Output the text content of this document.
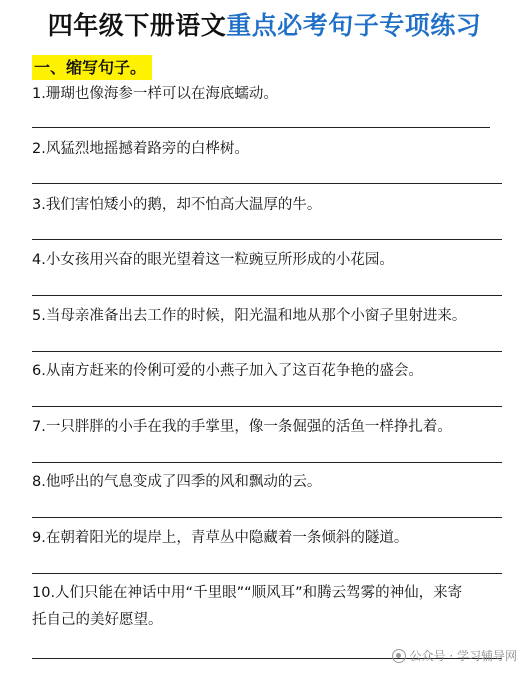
四年级下册语文重点必考句子专项练习
一、缩写句子。
1.珊瑚也像海参一样可以在海底蠕动。
2.风猛烈地摇撼着路旁的白桦树。
3.我们害怕矮小的鹅，却不怕高大温厚的牛。
4.小女孩用兴奋的眼光望着这一粒豌豆所形成的小花园。
5.当母亲准备出去工作的时候，阳光温和地从那个小窗子里射进来。
6.从南方赶来的伶俐可爱的小燕子加入了这百花争艳的盛会。
7.一只胖胖的小手在我的手掌里，像一条倔强的活鱼一样挣扎着。
8.他呼出的气息变成了四季的风和飘动的云。
9.在朝着阳光的堤岸上，青草丛中隐藏着一条倾斜的隧道。
10.人们只能在神话中用“千里眼”“顺风耳”和腾云驾雾的神仙，来寄
托自己的美好愿望。
公众号 · 学习辅导网
